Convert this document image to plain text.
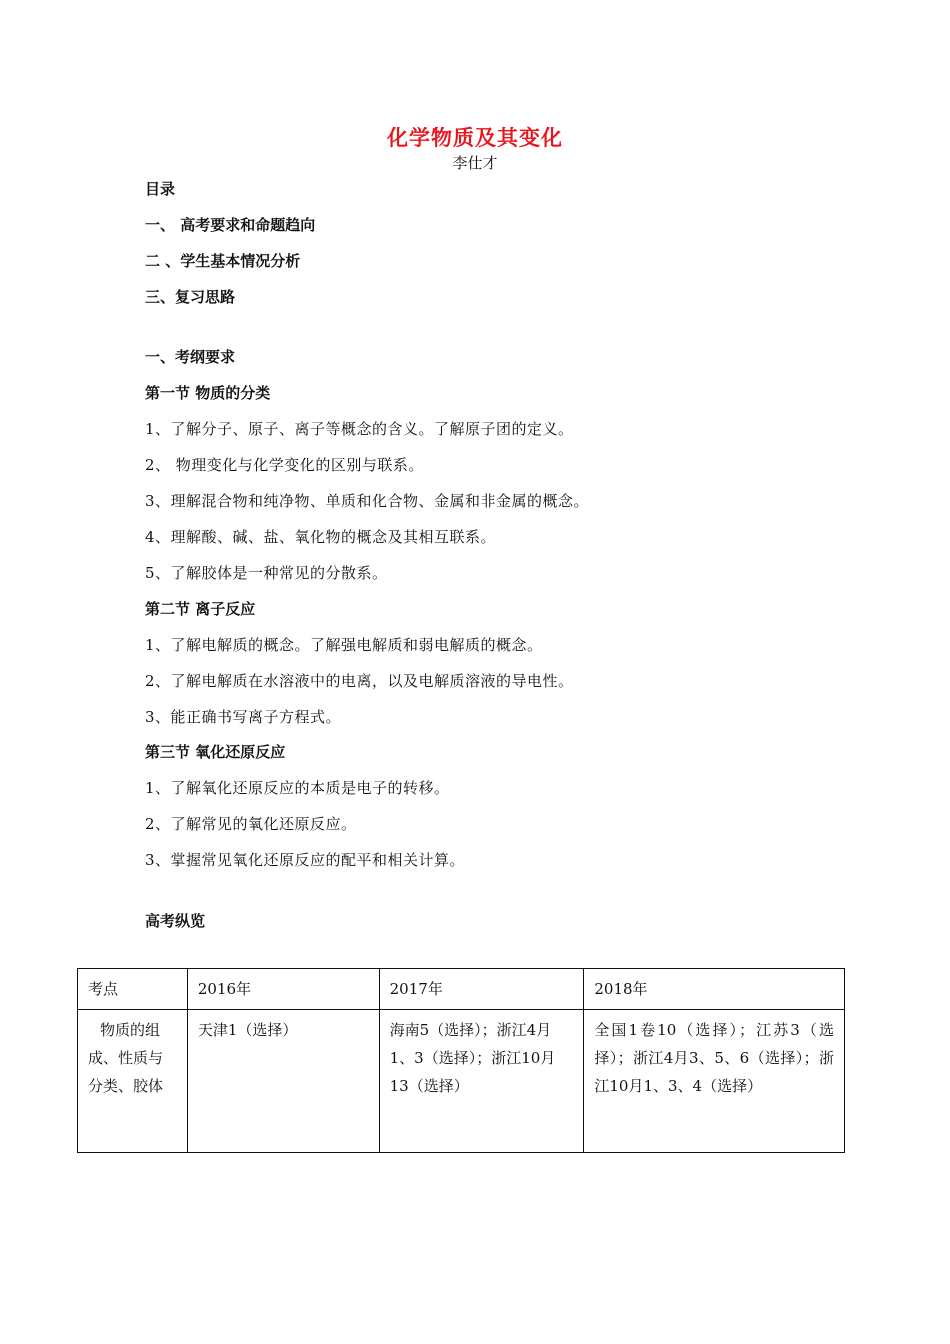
化学物质及其变化
李仕才
目录
一、 高考要求和命题趋向
二 、学生基本情况分析
三、复习思路
一、考纲要求
第一节 物质的分类
1、了解分子、原子、离子等概念的含义。了解原子团的定义。
2、 物理变化与化学变化的区别与联系。
3、理解混合物和纯净物、单质和化合物、金属和非金属的概念。
4、理解酸、碱、盐、氧化物的概念及其相互联系。
5、了解胶体是一种常见的分散系。
第二节 离子反应
1、了解电解质的概念。了解强电解质和弱电解质的概念。
2、了解电解质在水溶液中的电离，以及电解质溶液的导电性。
3、能正确书写离子方程式。
第三节 氧化还原反应
1、了解氧化还原反应的本质是电子的转移。
2、了解常见的氧化还原反应。
3、掌握常见氧化还原反应的配平和相关计算。
高考纵览
考点	2016年	2017年	2018年
物质的组成、性质与分类、胶体	天津1（选择）	海南5（选择）；浙江4月1、3（选择）；浙江10月13（选择）	全国1卷10（选择）；江苏3（选择）；浙江4月3、5、6（选择）；浙江10月1、3、4（选择）
